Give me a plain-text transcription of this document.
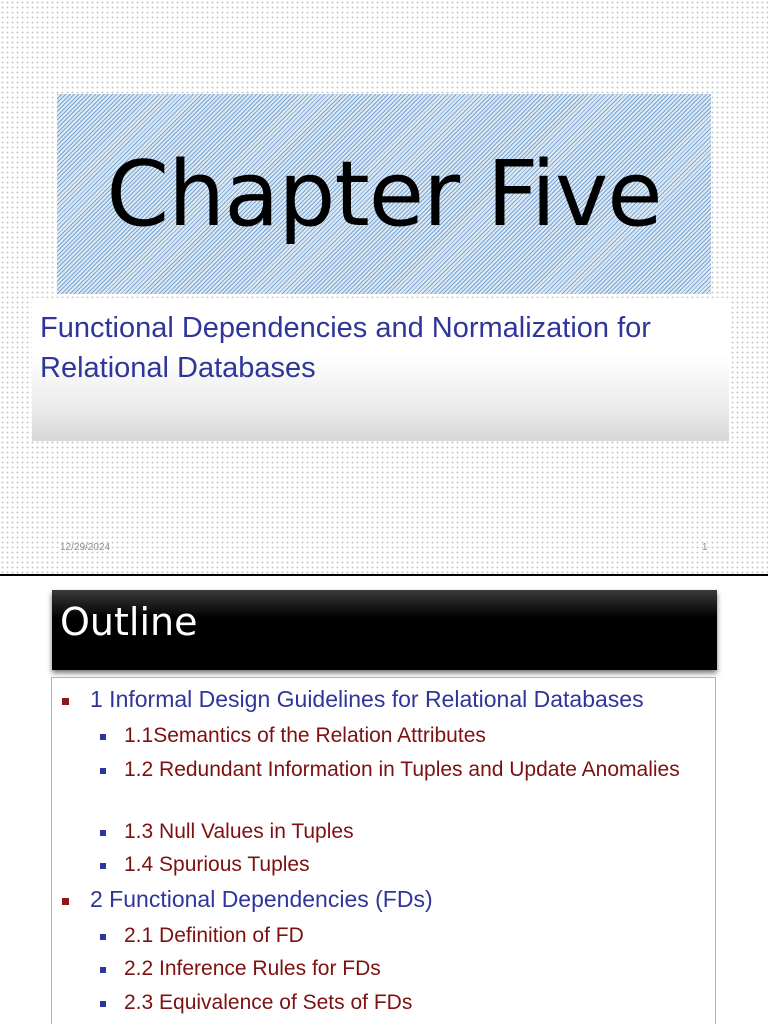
Chapter Five
Functional Dependencies and Normalization for Relational Databases
12/29/2024	1
Outline
1 Informal Design Guidelines for Relational Databases
1.1Semantics of the Relation Attributes
1.2 Redundant Information in Tuples and Update Anomalies
1.3 Null Values in Tuples
1.4 Spurious Tuples
2 Functional Dependencies (FDs)
2.1 Definition of FD
2.2 Inference Rules for FDs
2.3 Equivalence of Sets of FDs
